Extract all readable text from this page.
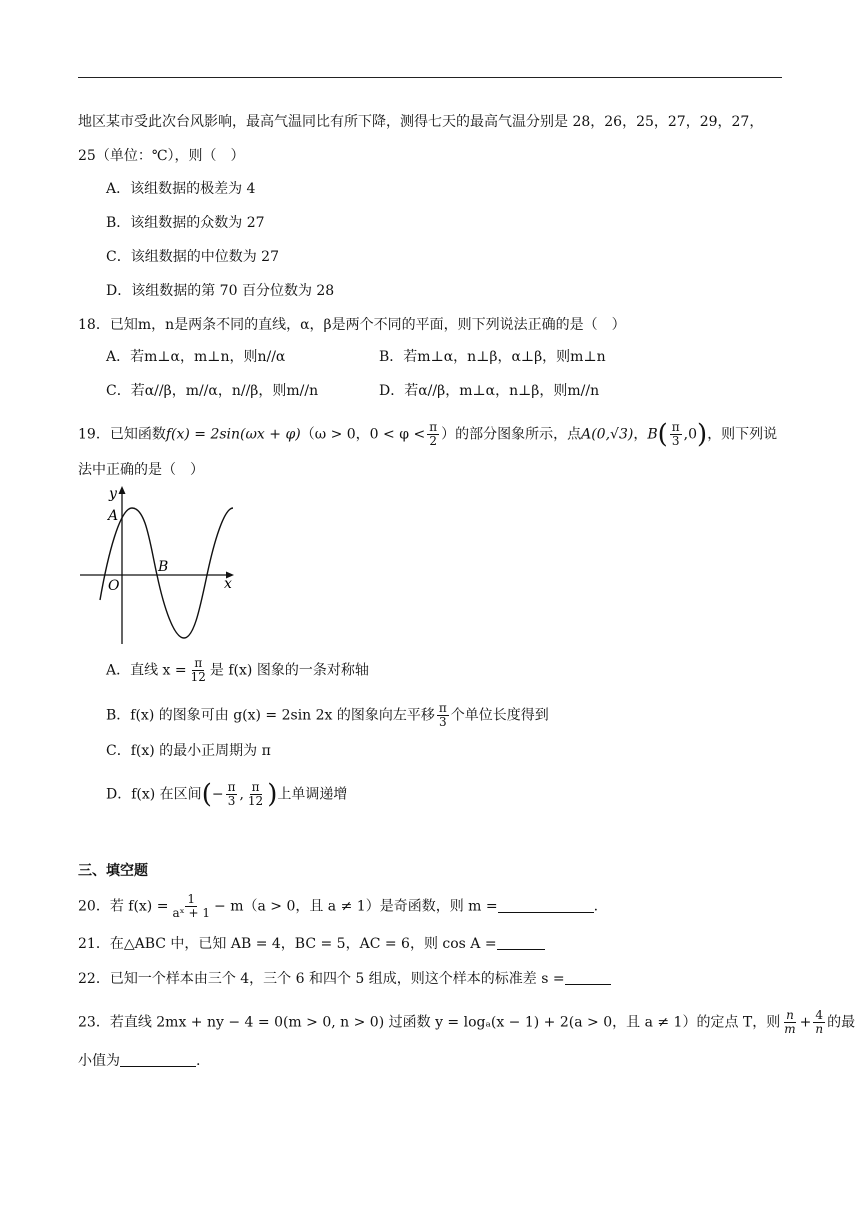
地区某市受此次台风影响，最高气温同比有所下降，测得七天的最高气温分别是 28，26，25，27，29，27，
25（单位：℃），则（　）
A．该组数据的极差为 4
B．该组数据的众数为 27
C．该组数据的中位数为 27
D．该组数据的第 70 百分位数为 28
18．已知m，n是两条不同的直线，α，β是两个不同的平面，则下列说法正确的是（　）
A．若m⊥α，m⊥n，则n//α	B．若m⊥α，n⊥β，α⊥β，则m⊥n
C．若α//β，m//α，n//β，则m//n	D．若α//β，m⊥α，n⊥β，则m//n
19．已知函数f(x) = 2sin(ωx + φ)（ω > 0，$0 < \varphi < \frac{\pi}{2}$ ）的部分图象所示，点A(0,√3)，$B( \frac{\pi}{3} ,0)$，则下列说
法中正确的是（　）
y
A
B
O	x
A．直线 $x = \frac{\pi}{12}$ 是 f(x) 图象的一条对称轴
B．f(x) 的图象可由 g(x) = 2sin 2x 的图象向左平移 $\frac{\pi}{3}$ 个单位长度得到
C．f(x) 的最小正周期为 π
D．f(x) 在区间(− $\frac{\pi}{3}$ , $\frac{\pi}{12}$ )上单调递增
三、填空题
20．若 $f(x) = \frac{1}{\text{aˣ + 1}} - m(a > 0$，且 a ≠ 1）是奇函数，则 m =	.
21．在△ABC 中，已知 AB = 4，BC = 5，AC = 6，则 cos A =
22．已知一个样本由三个 4，三个 6 和四个 5 组成，则这个样本的标准差 s =
23．若直线 2mx + ny − 4 = 0(m > 0, n > 0) 过函数 y = logₐ(x − 1) + 2(a > 0，且 a ≠ 1）的定点 T，则 $\frac{n}{m} + \frac{4}{n}$ 的最
小值为	.
